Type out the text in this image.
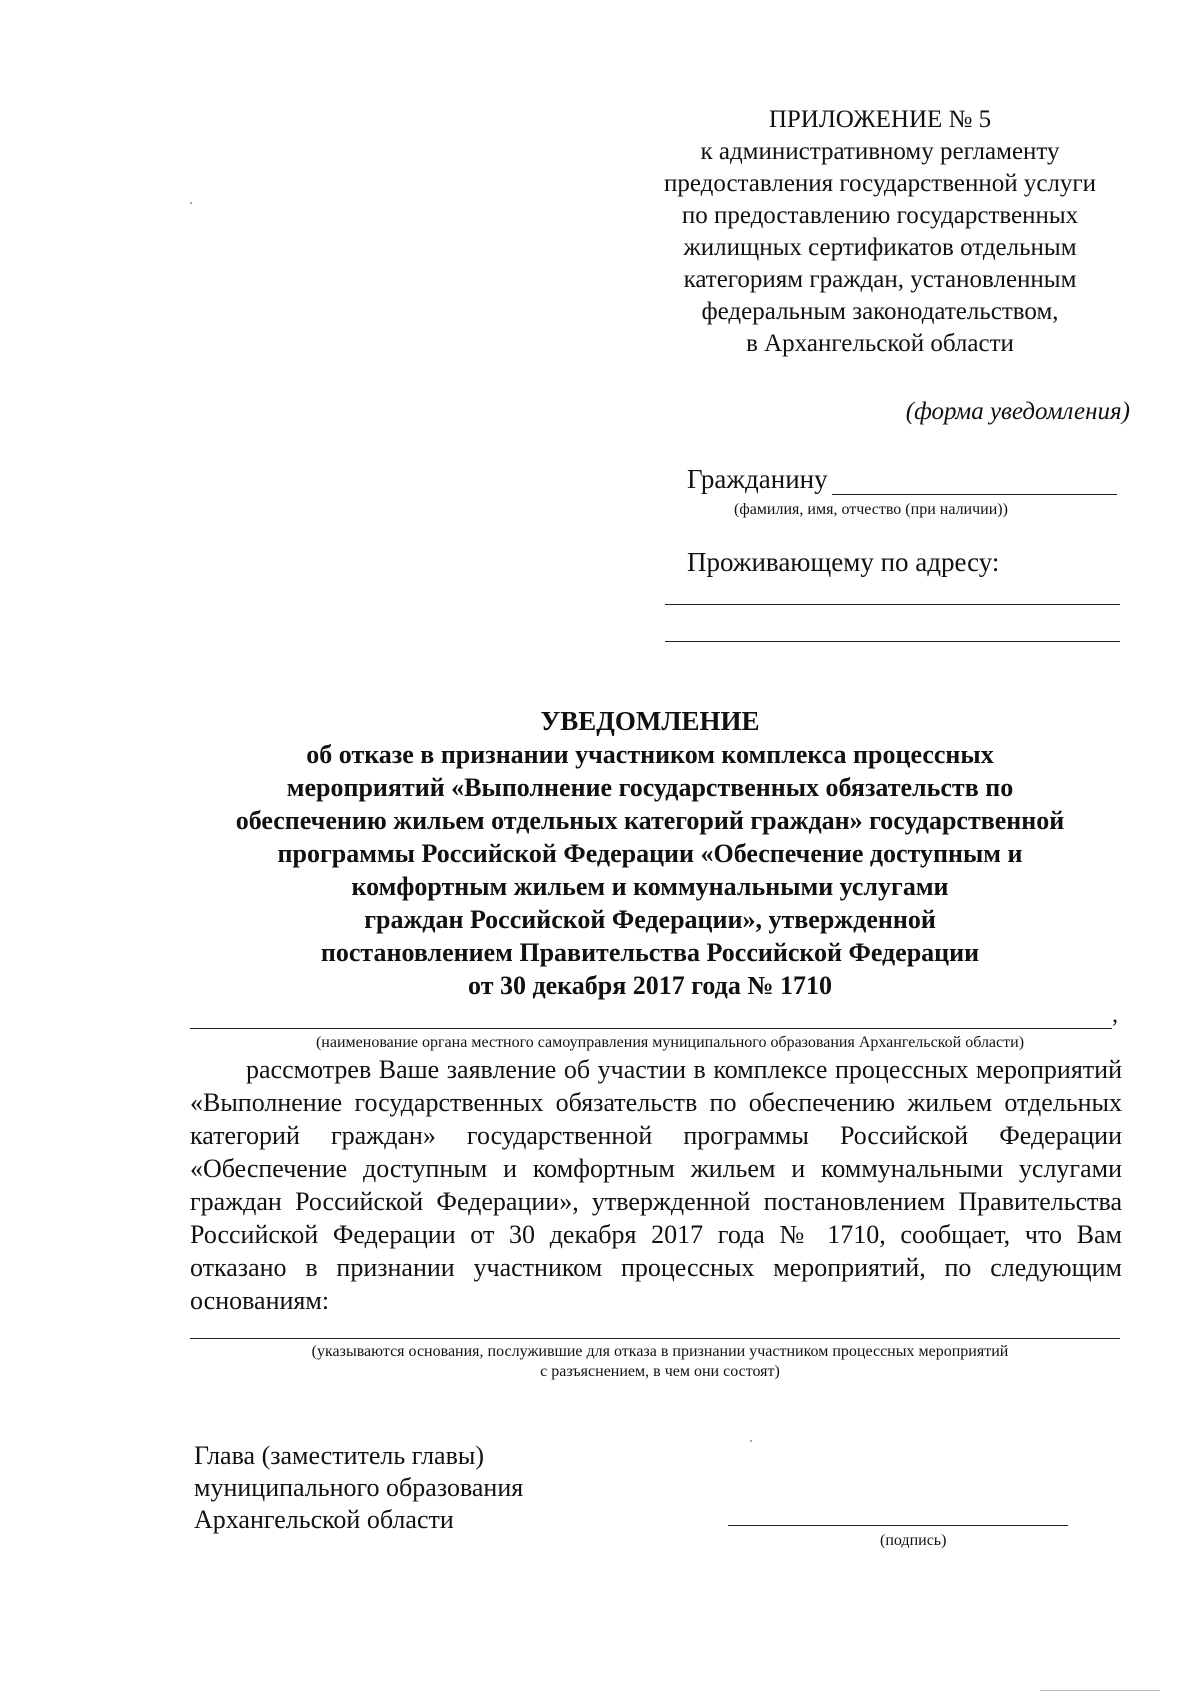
ПРИЛОЖЕНИЕ № 5
к административному регламенту
предоставления государственной услуги
по предоставлению государственных
жилищных сертификатов отдельным
категориям граждан, установленным
федеральным законодательством,
в Архангельской области
(форма уведомления)
Гражданину
(фамилия, имя, отчество (при наличии))
Проживающему по адресу:
УВЕДОМЛЕНИЕ
об отказе в признании участником комплекса процессных
мероприятий «Выполнение государственных обязательств по
обеспечению жильем отдельных категорий граждан» государственной
программы Российской Федерации «Обеспечение доступным и
комфортным жильем и коммунальными услугами
граждан Российской Федерации», утвержденной
постановлением Правительства Российской Федерации
от 30 декабря 2017 года № 1710
,
(наименование органа местного самоуправления муниципального образования Архангельской области)
рассмотрев Ваше заявление об участии в комплексе процессных мероприятий «Выполнение государственных обязательств по обеспечению жильем отдельных категорий граждан» государственной программы Российской Федерации «Обеспечение доступным и комфортным жильем и коммунальными услугами граждан Российской Федерации», утвержденной постановлением Правительства Российской Федерации от 30 декабря 2017 года № 1710, сообщает, что Вам отказано в признании участником процессных мероприятий, по следующим основаниям:
(указываются основания, послужившие для отказа в признании участником процессных мероприятий
с разъяснением, в чем они состоят)
Глава (заместитель главы)
муниципального образования
Архангельской области
(подпись)
